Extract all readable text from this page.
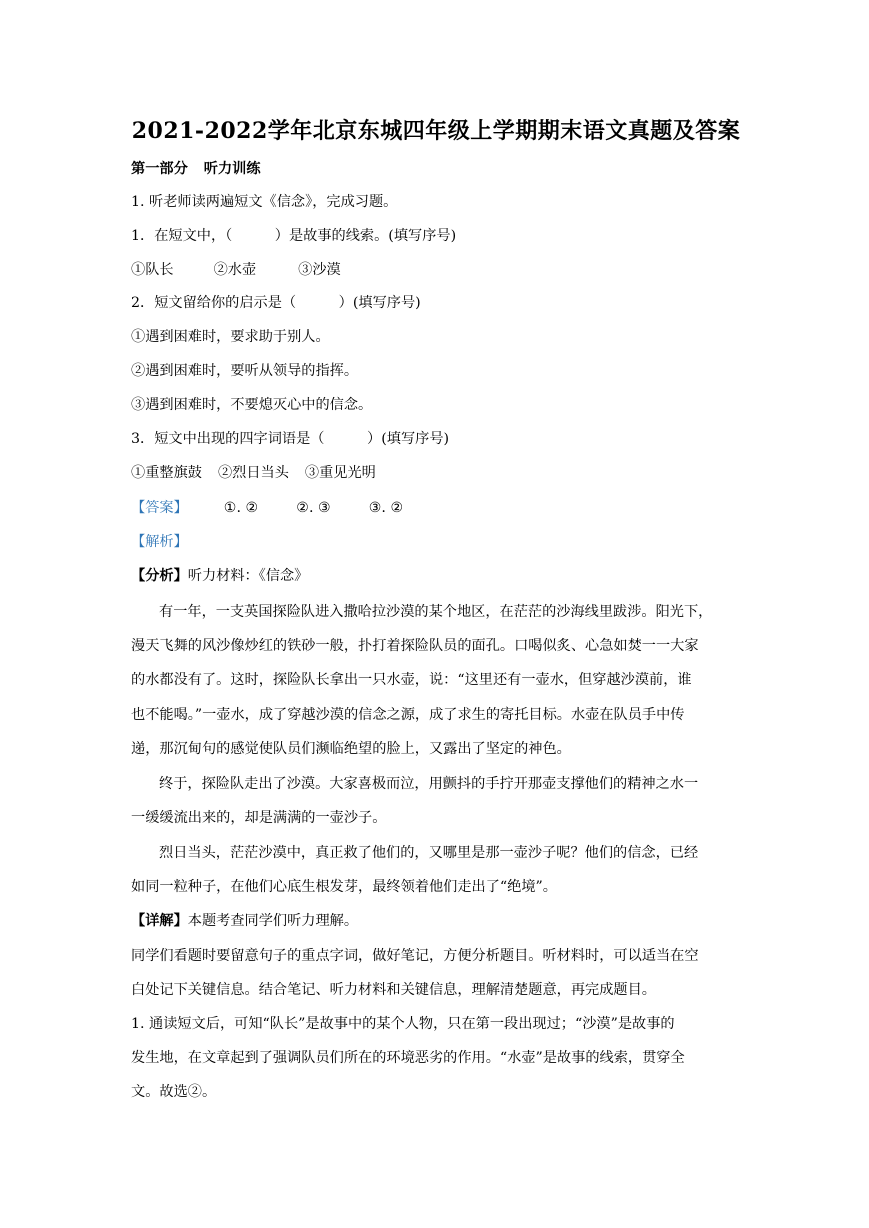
2021-2022学年北京东城四年级上学期期末语文真题及答案
第一部分 听力训练
1. 听老师读两遍短文《信念》，完成习题。
1．在短文中，（　　　）是故事的线索。(填写序号)
①队长	②水壶	③沙漠
2．短文留给你的启示是（　　　）(填写序号)
①遇到困难时，要求助于别人。
②遇到困难时，要听从领导的指挥。
③遇到困难时，不要熄灭心中的信念。
3．短文中出现的四字词语是（　　　）(填写序号)
①重整旗鼓 ②烈日当头 ③重见光明
【答案】	①. ②	②. ③	③. ②
【解析】
【分析】听力材料：《信念》
有一年，一支英国探险队进入撒哈拉沙漠的某个地区，在茫茫的沙海线里跋涉。阳光下，
漫天飞舞的风沙像炒红的铁砂一般，扑打着探险队员的面孔。口喝似炙、心急如焚一一大家
的水都没有了。这时，探险队长拿出一只水壶，说：“这里还有一壶水，但穿越沙漠前，谁
也不能喝。”一壶水，成了穿越沙漠的信念之源，成了求生的寄托目标。水壶在队员手中传
递，那沉甸句的感觉使队员们濒临绝望的脸上，又露出了坚定的神色。
终于，探险队走出了沙漠。大家喜极而泣，用颤抖的手拧开那壶支撑他们的精神之水一
一缓缓流出来的，却是满满的一壶沙子。
烈日当头，茫茫沙漠中，真正救了他们的，又哪里是那一壶沙子呢？他们的信念，已经
如同一粒种子，在他们心底生根发芽，最终领着他们走出了“绝境”。
【详解】本题考查同学们听力理解。
同学们看题时要留意句子的重点字词，做好笔记，方便分析题目。听材料时，可以适当在空
白处记下关键信息。结合笔记、听力材料和关键信息，理解清楚题意，再完成题目。
1. 通读短文后，可知“队长”是故事中的某个人物，只在第一段出现过；“沙漠”是故事的
发生地，在文章起到了强调队员们所在的环境恶劣的作用。“水壶”是故事的线索，贯穿全
文。故选②。
